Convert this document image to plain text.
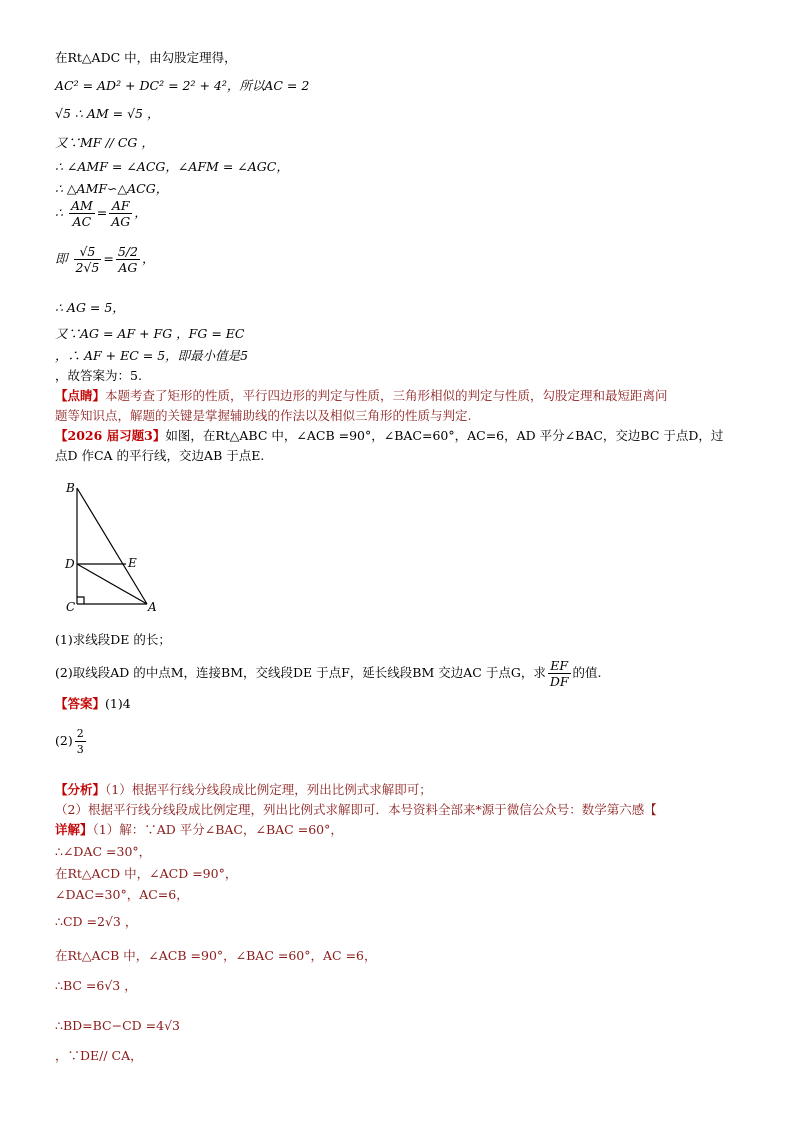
在Rt△ADC 中，由勾股定理得，
AC² = AD² + DC² = 2² + 4²，所以AC = 2
√5 ∴ AM = √5 ，
又∵MF // CG ，
∴ ∠AMF = ∠ACG，∠AFM = ∠AGC，
∴ △AMF∽△ACG，
∴ $\frac{AM}{AC} = \frac{AF}{AG}$ ，
即 $\frac{√5}{2√5} = \frac{5/2}{AG}$ ，
∴ AG = 5，
又∵AG = AF + FG ，FG = EC
，∴ AF + EC = 5，即最小值是5
，故答案为：5.
【点睛】本题考查了矩形的性质，平行四边形的判定与性质，三角形相似的判定与性质，勾股定理和最短距离问
题等知识点，解题的关键是掌握辅助线的作法以及相似三角形的性质与判定.
【2026 届习题3】如图，在Rt△ABC 中，∠ACB =90°，∠BAC=60°，AC=6，AD 平分∠BAC，交边BC 于点D，过
点D 作CA 的平行线，交边AB 于点E.
B
D	E
C	A
(1)求线段DE 的长；
(2)取线段AD 的中点M，连接BM，交线段DE 于点F，延长线段BM 交边AC 于点G，求 $\frac{EF}{DF}$ 的值.
【答案】(1)4
$(2) \frac{2}{3}$
【分析】（1）根据平行线分线段成比例定理，列出比例式求解即可；
（2）根据平行线分线段成比例定理，列出比例式求解即可．本号资料全部来*源于微信公众号：数学第六感【
详解】（1）解：∵AD 平分∠BAC，∠BAC =60°，
∴∠DAC =30°，
在Rt△ACD 中，∠ACD =90°，
∠DAC=30°，AC=6，
∴CD =2√3 ，
在Rt△ACB 中，∠ACB =90°，∠BAC =60°，AC =6，
∴BC =6√3 ，
∴BD=BC−CD =4√3
，∵DE// CA，
